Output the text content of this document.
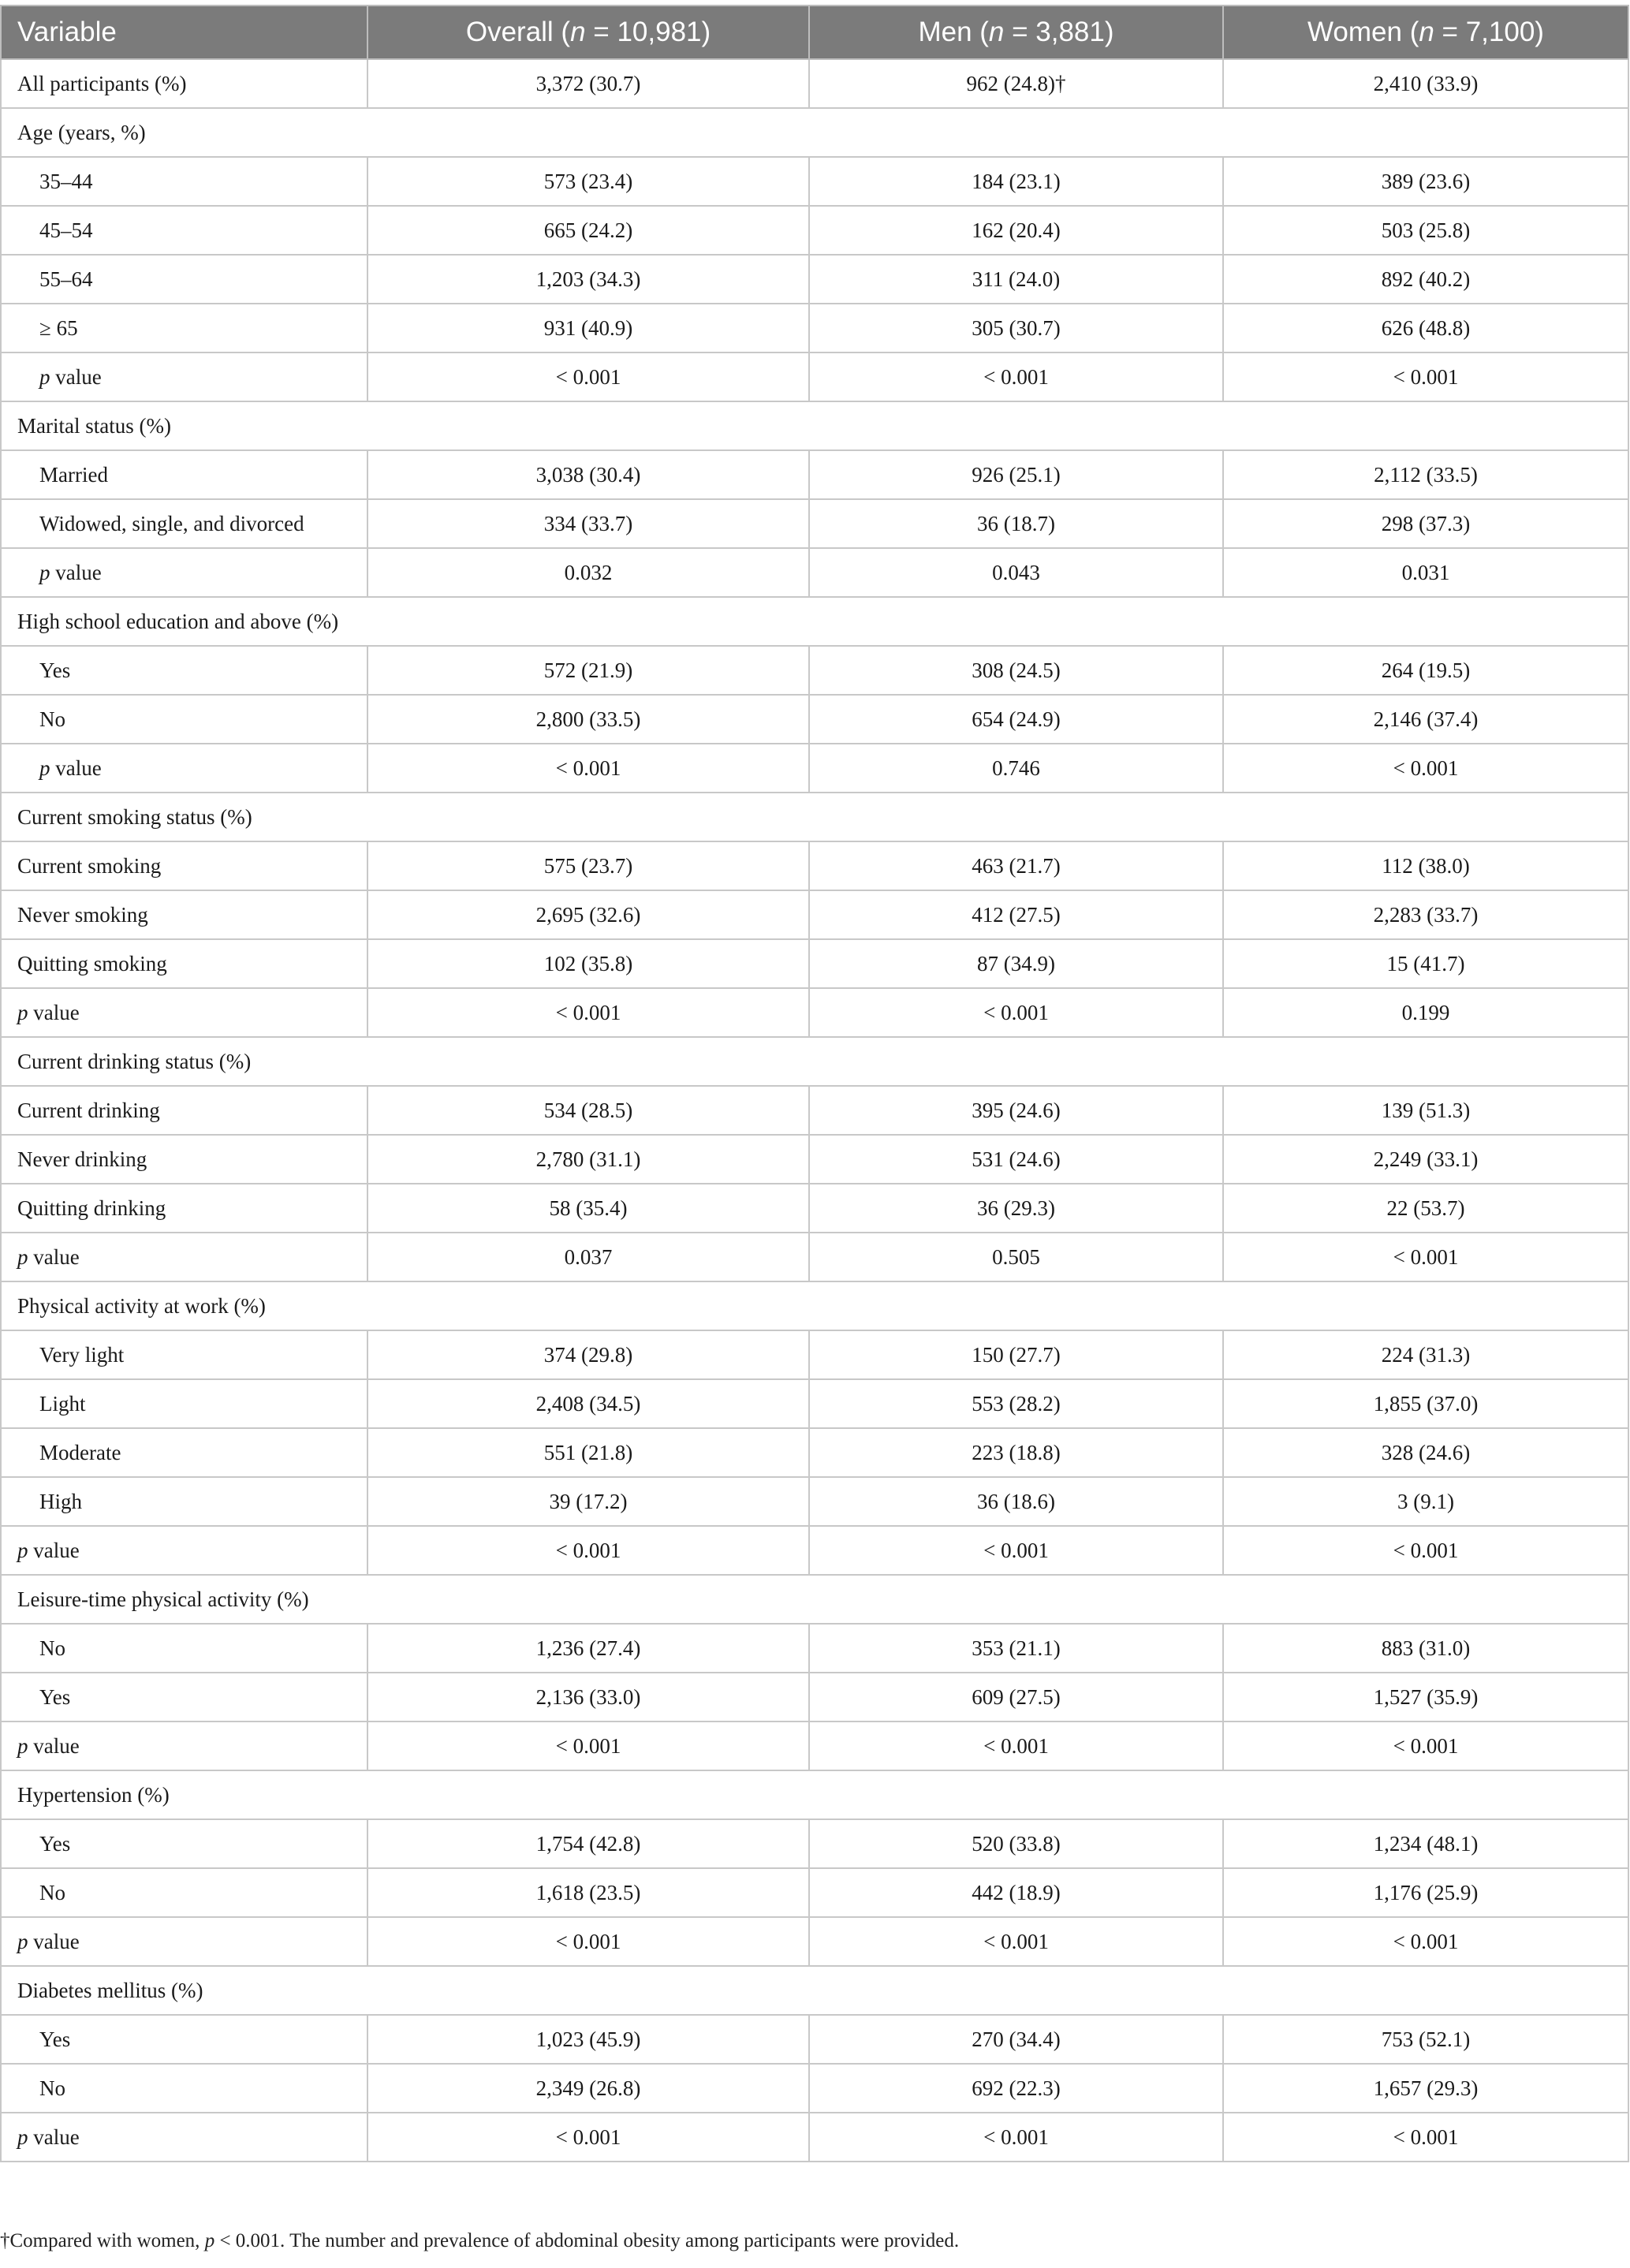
Variable	Overall (n = 10,981)	Men (n = 3,881)	Women (n = 7,100)
All participants (%)	3,372 (30.7)	962 (24.8)†	2,410 (33.9)
Age (years, %)			
35–44	573 (23.4)	184 (23.1)	389 (23.6)
45–54	665 (24.2)	162 (20.4)	503 (25.8)
55–64	1,203 (34.3)	311 (24.0)	892 (40.2)
≥ 65	931 (40.9)	305 (30.7)	626 (48.8)
p value	< 0.001	< 0.001	< 0.001
Marital status (%)			
Married	3,038 (30.4)	926 (25.1)	2,112 (33.5)
Widowed, single, and divorced	334 (33.7)	36 (18.7)	298 (37.3)
p value	0.032	0.043	0.031
High school education and above (%)			
Yes	572 (21.9)	308 (24.5)	264 (19.5)
No	2,800 (33.5)	654 (24.9)	2,146 (37.4)
p value	< 0.001	0.746	< 0.001
Current smoking status (%)			
Current smoking	575 (23.7)	463 (21.7)	112 (38.0)
Never smoking	2,695 (32.6)	412 (27.5)	2,283 (33.7)
Quitting smoking	102 (35.8)	87 (34.9)	15 (41.7)
p value	< 0.001	< 0.001	0.199
Current drinking status (%)			
Current drinking	534 (28.5)	395 (24.6)	139 (51.3)
Never drinking	2,780 (31.1)	531 (24.6)	2,249 (33.1)
Quitting drinking	58 (35.4)	36 (29.3)	22 (53.7)
p value	0.037	0.505	< 0.001
Physical activity at work (%)			
Very light	374 (29.8)	150 (27.7)	224 (31.3)
Light	2,408 (34.5)	553 (28.2)	1,855 (37.0)
Moderate	551 (21.8)	223 (18.8)	328 (24.6)
High	39 (17.2)	36 (18.6)	3 (9.1)
p value	< 0.001	< 0.001	< 0.001
Leisure-time physical activity (%)			
No	1,236 (27.4)	353 (21.1)	883 (31.0)
Yes	2,136 (33.0)	609 (27.5)	1,527 (35.9)
p value	< 0.001	< 0.001	< 0.001
Hypertension (%)			
Yes	1,754 (42.8)	520 (33.8)	1,234 (48.1)
No	1,618 (23.5)	442 (18.9)	1,176 (25.9)
p value	< 0.001	< 0.001	< 0.001
Diabetes mellitus (%)			
Yes	1,023 (45.9)	270 (34.4)	753 (52.1)
No	2,349 (26.8)	692 (22.3)	1,657 (29.3)
p value	< 0.001	< 0.001	< 0.001
†Compared with women, p < 0.001. The number and prevalence of abdominal obesity among participants were provided.
